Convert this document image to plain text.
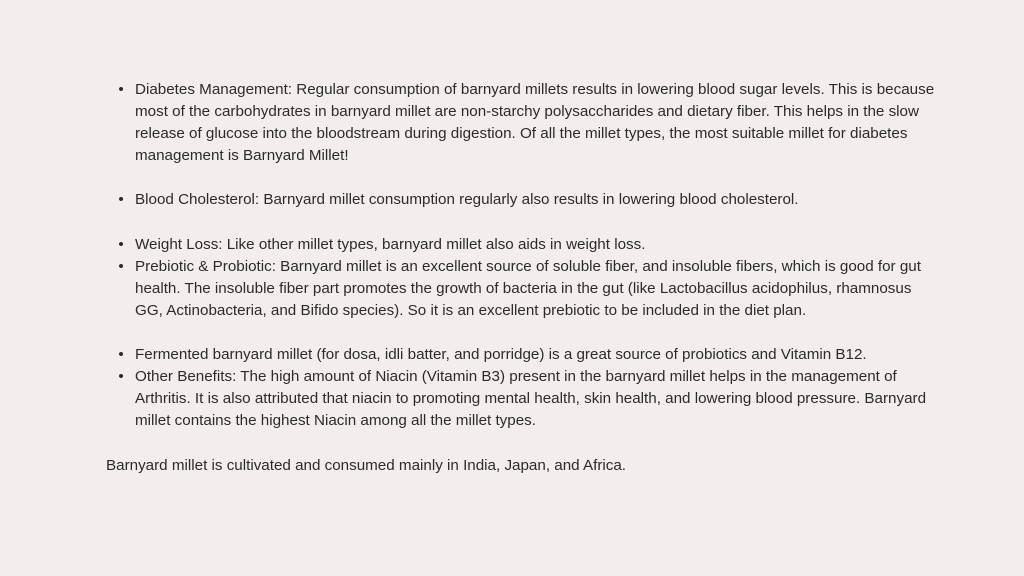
• Diabetes Management: Regular consumption of barnyard millets results in lowering blood sugar levels. This is because most of the carbohydrates in barnyard millet are non-starchy polysaccharides and dietary fiber. This helps in the slow release of glucose into the bloodstream during digestion. Of all the millet types, the most suitable millet for diabetes management is Barnyard Millet!
• Blood Cholesterol: Barnyard millet consumption regularly also results in lowering blood cholesterol.
• Weight Loss: Like other millet types, barnyard millet also aids in weight loss.
• Prebiotic & Probiotic: Barnyard millet is an excellent source of soluble fiber, and insoluble fibers, which is good for gut health. The insoluble fiber part promotes the growth of bacteria in the gut (like Lactobacillus acidophilus, rhamnosus GG, Actinobacteria, and Bifido species). So it is an excellent prebiotic to be included in the diet plan.
• Fermented barnyard millet (for dosa, idli batter, and porridge) is a great source of probiotics and Vitamin B12.
• Other Benefits: The high amount of Niacin (Vitamin B3) present in the barnyard millet helps in the management of Arthritis. It is also attributed that niacin to promoting mental health, skin health, and lowering blood pressure. Barnyard millet contains the highest Niacin among all the millet types.

Barnyard millet is cultivated and consumed mainly in India, Japan, and Africa.
